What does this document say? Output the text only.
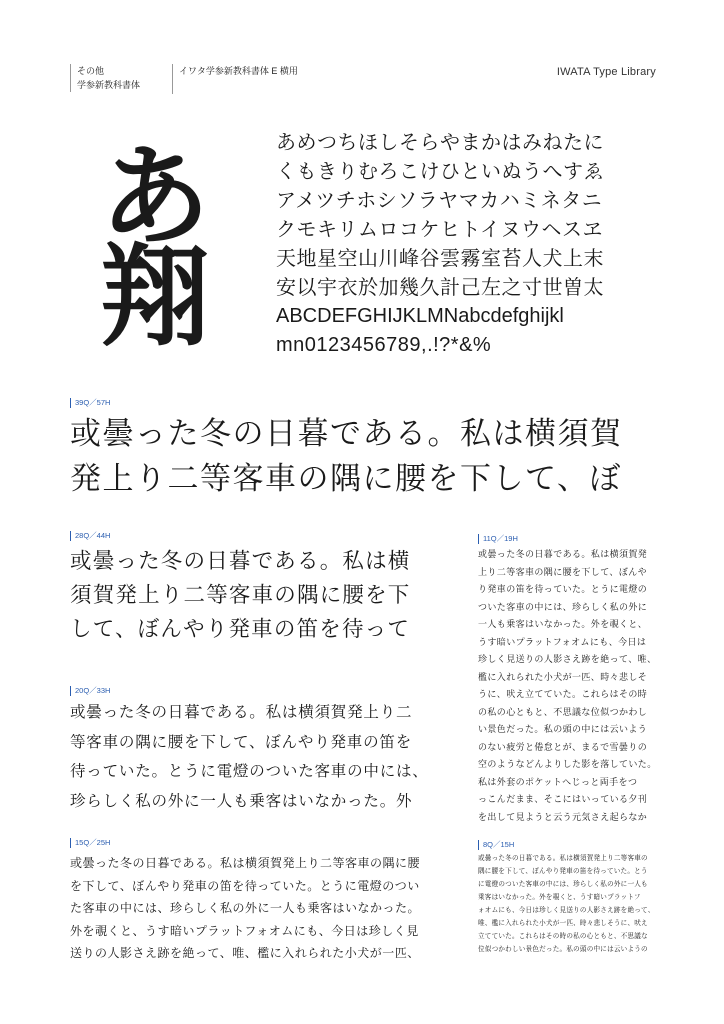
その他
学参新教科書体
イワタ学参新教科書体 E 横用	IWATA Type Library
あ
翔
あめつちほしそらやまかはみねたに
くもきりむろこけひといぬうへすゑ
アメツチホシソラヤマカハミネタニ
クモキリムロコケヒトイヌウヘスヱ
天地星空山川峰谷雲霧室苔人犬上末
安以宇衣於加幾久計己左之寸世曽太
ABCDEFGHIJKLMNabcdefghijkl
mn0123456789,.!?*&%
39Q／57H
或曇った冬の日暮である。私は横須賀
発上り二等客車の隅に腰を下して、ぼ
28Q／44H
或曇った冬の日暮である。私は横
須賀発上り二等客車の隅に腰を下
して、ぼんやり発車の笛を待って
20Q／33H
或曇った冬の日暮である。私は横須賀発上り二
等客車の隅に腰を下して、ぼんやり発車の笛を
待っていた。とうに電燈のついた客車の中には、
珍らしく私の外に一人も乗客はいなかった。外
15Q／25H
或曇った冬の日暮である。私は横須賀発上り二等客車の隅に腰
を下して、ぼんやり発車の笛を待っていた。とうに電燈のつい
た客車の中には、珍らしく私の外に一人も乗客はいなかった。
外を覗くと、うす暗いプラットフォオムにも、今日は珍しく見
送りの人影さえ跡を絶って、唯、檻に入れられた小犬が一匹、
11Q／19H
或曇った冬の日暮である。私は横須賀発
上り二等客車の隅に腰を下して、ぼんや
り発車の笛を待っていた。とうに電燈の
ついた客車の中には、珍らしく私の外に
一人も乗客はいなかった。外を覗くと、
うす暗いプラットフォオムにも、今日は
珍しく見送りの人影さえ跡を絶って、唯、
檻に入れられた小犬が一匹、時々悲しそ
うに、吠え立てていた。これらはその時
の私の心ともと、不思議な位似つかわし
い景色だった。私の頭の中には云いよう
のない疲労と倦怠とが、まるで雪曇りの
空のようなどんよりした影を落していた。
私は外套のポケットへじっと両手をつ
っこんだまま、そこにはいっている夕刊
を出して見ようと云う元気さえ起らなか
8Q／15H
或曇った冬の日暮である。私は横須賀発上り二等客車の
隅に腰を下して、ぼんやり発車の笛を待っていた。とう
に電燈のついた客車の中には、珍らしく私の外に一人も
乗客はいなかった。外を覗くと、うす暗いプラットフ
ォオムにも、今日は珍しく見送りの人影さえ跡を絶って、
唯、檻に入れられた小犬が一匹、時々悲しそうに、吠え
立てていた。これらはその時の私の心ともと、不思議な
位似つかわしい景色だった。私の頭の中には云いようの
